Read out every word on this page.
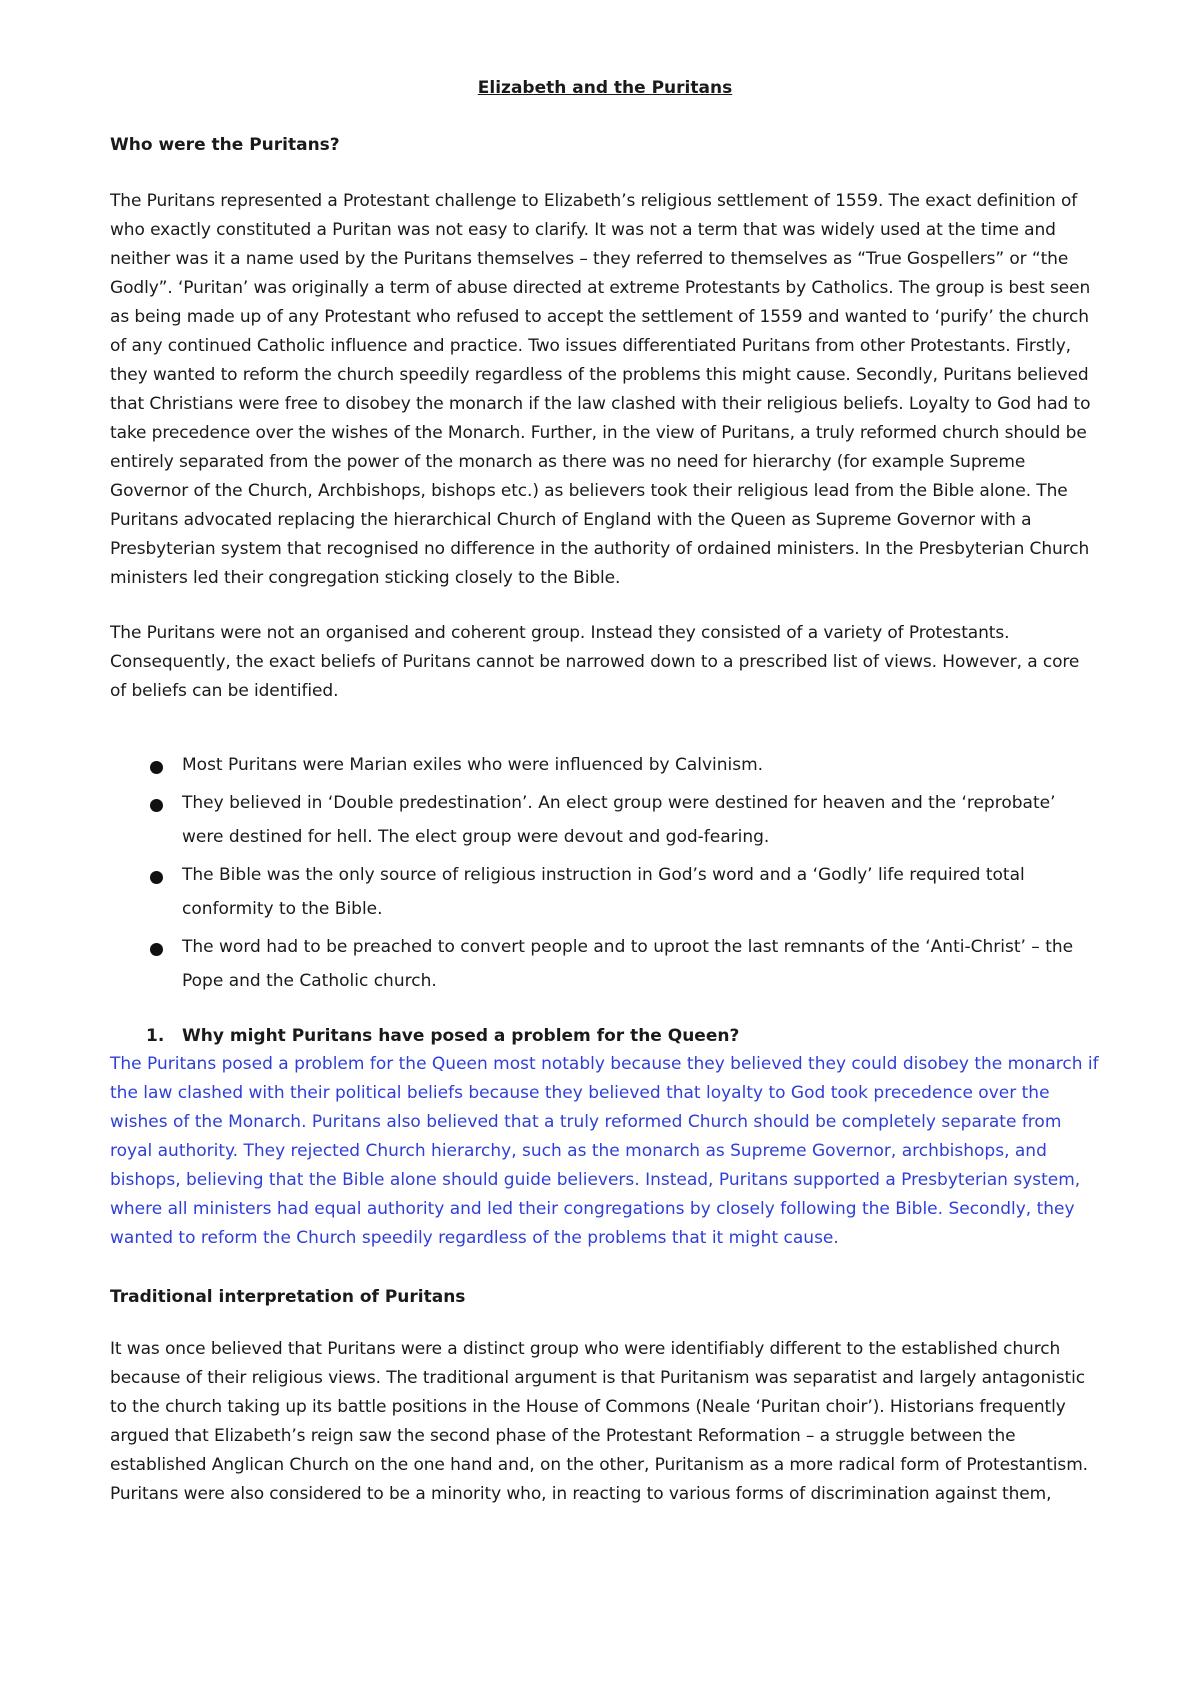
Elizabeth and the Puritans
Who were the Puritans?

The Puritans represented a Protestant challenge to Elizabeth’s religious settlement of 1559. The exact definition of who exactly constituted a Puritan was not easy to clarify. It was not a term that was widely used at the time and neither was it a name used by the Puritans themselves – they referred to themselves as “True Gospellers” or “the Godly”. ‘Puritan’ was originally a term of abuse directed at extreme Protestants by Catholics. The group is best seen as being made up of any Protestant who refused to accept the settlement of 1559 and wanted to ‘purify’ the church of any continued Catholic influence and practice. Two issues differentiated Puritans from other Protestants. Firstly, they wanted to reform the church speedily regardless of the problems this might cause. Secondly, Puritans believed that Christians were free to disobey the monarch if the law clashed with their religious beliefs. Loyalty to God had to take precedence over the wishes of the Monarch. Further, in the view of Puritans, a truly reformed church should be entirely separated from the power of the monarch as there was no need for hierarchy (for example Supreme Governor of the Church, Archbishops, bishops etc.) as believers took their religious lead from the Bible alone. The Puritans advocated replacing the hierarchical Church of England with the Queen as Supreme Governor with a Presbyterian system that recognised no difference in the authority of ordained ministers. In the Presbyterian Church ministers led their congregation sticking closely to the Bible.

The Puritans were not an organised and coherent group. Instead they consisted of a variety of Protestants. Consequently, the exact beliefs of Puritans cannot be narrowed down to a prescribed list of views. However, a core of beliefs can be identified.

Most Puritans were Marian exiles who were influenced by Calvinism.
They believed in ‘Double predestination’. An elect group were destined for heaven and the ‘reprobate’ were destined for hell. The elect group were devout and god-fearing.
The Bible was the only source of religious instruction in God’s word and a ‘Godly’ life required total conformity to the Bible.
The word had to be preached to convert people and to uproot the last remnants of the ‘Anti-Christ’ – the Pope and the Catholic church.
1. Why might Puritans have posed a problem for the Queen?

The Puritans posed a problem for the Queen most notably because they believed they could disobey the monarch if the law clashed with their political beliefs because they believed that loyalty to God took precedence over the wishes of the Monarch. Puritans also believed that a truly reformed Church should be completely separate from royal authority. They rejected Church hierarchy, such as the monarch as Supreme Governor, archbishops, and bishops, believing that the Bible alone should guide believers. Instead, Puritans supported a Presbyterian system, where all ministers had equal authority and led their congregations by closely following the Bible. Secondly, they wanted to reform the Church speedily regardless of the problems that it might cause.

Traditional interpretation of Puritans

It was once believed that Puritans were a distinct group who were identifiably different to the established church because of their religious views. The traditional argument is that Puritanism was separatist and largely antagonistic to the church taking up its battle positions in the House of Commons (Neale ‘Puritan choir’). Historians frequently argued that Elizabeth’s reign saw the second phase of the Protestant Reformation – a struggle between the established Anglican Church on the one hand and, on the other, Puritanism as a more radical form of Protestantism. Puritans were also considered to be a minority who, in reacting to various forms of discrimination against them,
